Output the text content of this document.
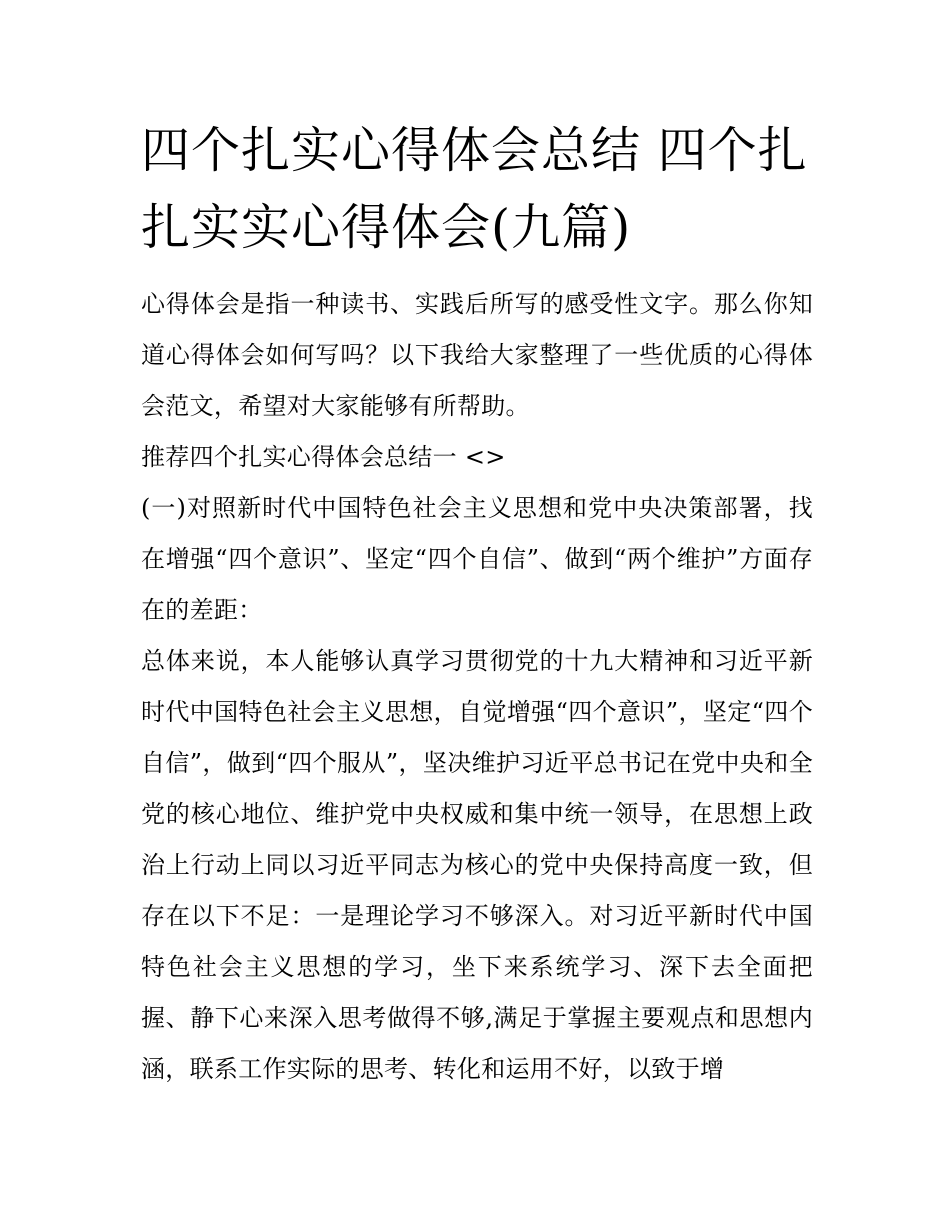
四个扎实心得体会总结 四个扎扎实实心得体会(九篇)

心得体会是指一种读书、实践后所写的感受性文字。那么你知道心得体会如何写吗？以下我给大家整理了一些优质的心得体会范文，希望对大家能够有所帮助。

推荐四个扎实心得体会总结一 <>

(一)对照新时代中国特色社会主义思想和党中央决策部署，找在增强“四个意识”、坚定“四个自信”、做到“两个维护”方面存在的差距：

总体来说，本人能够认真学习贯彻党的十九大精神和习近平新时代中国特色社会主义思想，自觉增强“四个意识”，坚定“四个自信”，做到“四个服从”，坚决维护习近平总书记在党中央和全党的核心地位、维护党中央权威和集中统一领导，在思想上政治上行动上同以习近平同志为核心的党中央保持高度一致，但存在以下不足：一是理论学习不够深入。对习近平新时代中国特色社会主义思想的学习，坐下来系统学习、深下去全面把握、静下心来深入思考做得不够,满足于掌握主要观点和思想内涵，联系工作实际的思考、转化和运用不好，以致于增
